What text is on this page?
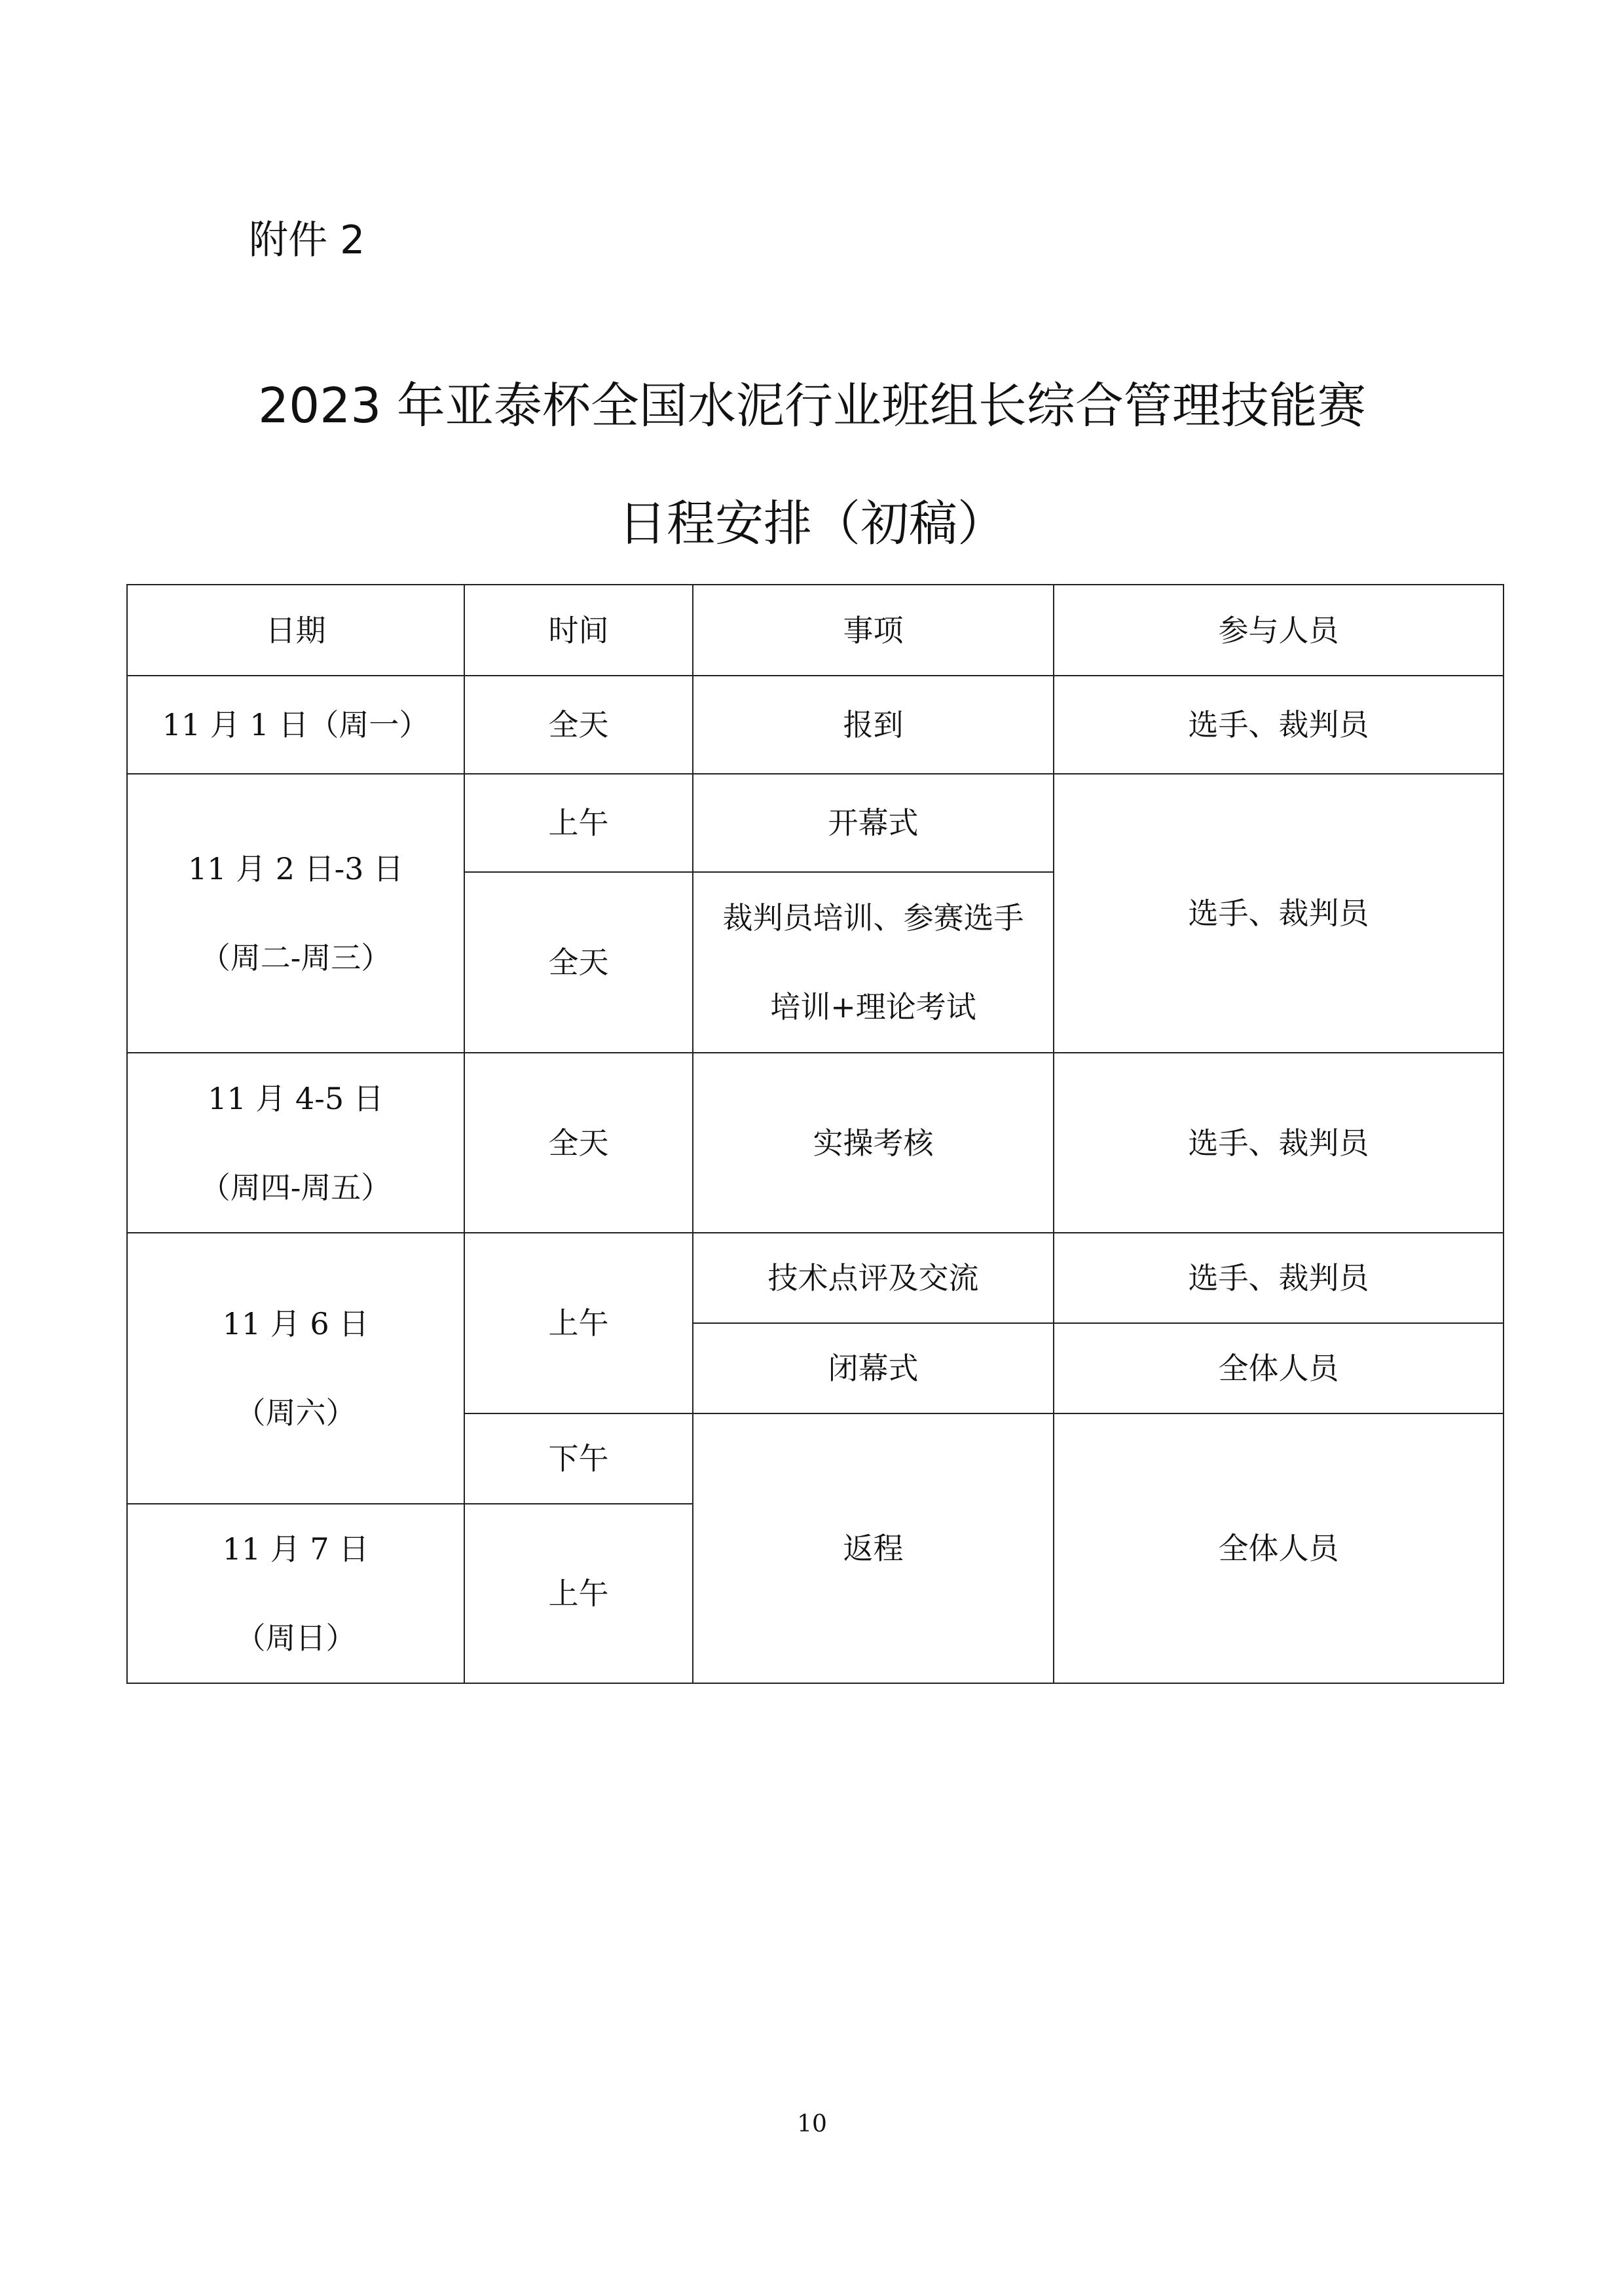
附件 2
2023 年亚泰杯全国水泥行业班组长综合管理技能赛
日程安排（初稿）
日期	时间	事项	参与人员
11 月 1 日（周一）	全天	报到	选手、裁判员

11 月 2 日-3 日
（周二-周三）	上午	开幕式	选手、裁判员
	全天	裁判员培训、参赛选手
培训+理论考试	

11 月 4-5 日
（周四-周五）	全天	实操考核	选手、裁判员

11 月 6 日
（周六）	上午	技术点评及交流	选手、裁判员
		闭幕式	全体人员
	下午	返程	全体人员

11 月 7 日
（周日）	上午		
10
